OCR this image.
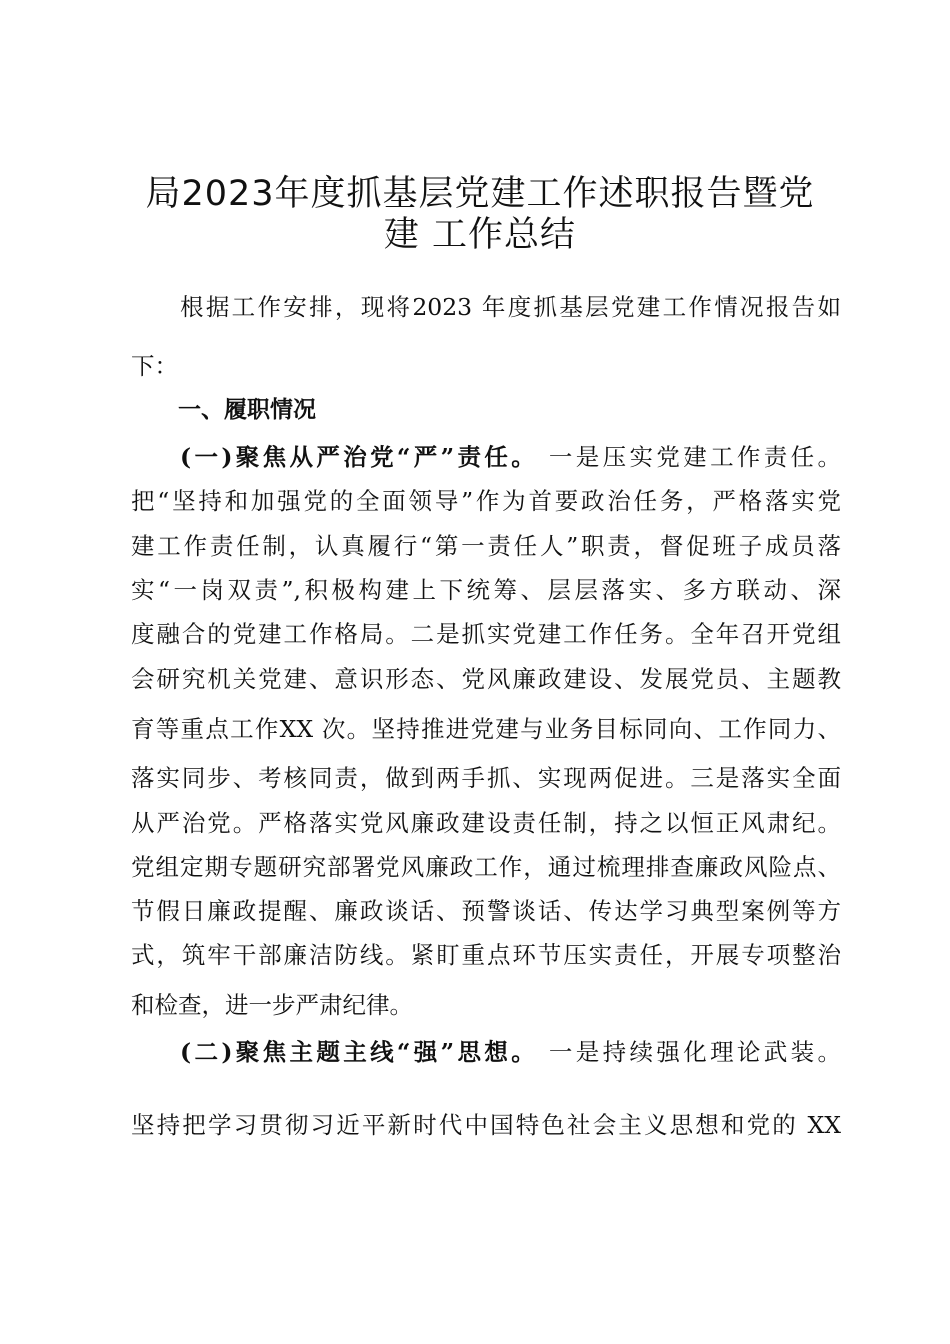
局2023年度抓基层党建工作述职报告暨党
建 工作总结
根据工作安排，现将2023 年度抓基层党建工作情况报告如
下：
一、履职情况
(一)聚焦从严治党“严”责任。 一是压实党建工作责任。
把“坚持和加强党的全面领导”作为首要政治任务，严格落实党
建工作责任制，认真履行“第一责任人”职责，督促班子成员落
实“一岗双责”,积极构建上下统筹、层层落实、多方联动、深
度融合的党建工作格局。二是抓实党建工作任务。全年召开党组
会研究机关党建、意识形态、党风廉政建设、发展党员、主题教
育等重点工作XX 次。坚持推进党建与业务目标同向、工作同力、
落实同步、考核同责，做到两手抓、实现两促进。三是落实全面
从严治党。严格落实党风廉政建设责任制，持之以恒正风肃纪。
党组定期专题研究部署党风廉政工作，通过梳理排查廉政风险点、
节假日廉政提醒、廉政谈话、预警谈话、传达学习典型案例等方
式，筑牢干部廉洁防线。紧盯重点环节压实责任，开展专项整治
和检查，进一步严肃纪律。
(二)聚焦主题主线“强”思想。 一是持续强化理论武装。
坚持把学习贯彻习近平新时代中国特色社会主义思想和党的 XX
